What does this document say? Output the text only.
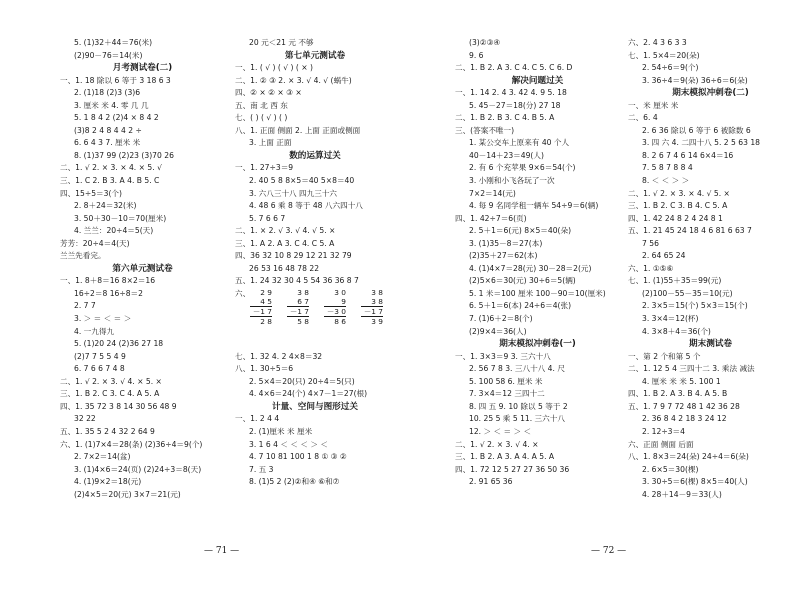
5. (1)32＋44＝76(米)
(2)90－76＝14(米)
月考测试卷(二)
一、1. 18 除以 6 等于 3 18 6 3
2. (1)18 (2)3 (3)6
3. 厘米 米 4. 零 几 几
5. 1 8 4 2 (2)4 × 8 4 2
(3)8 2 4 8 4 4 2 ÷
6. 6 4 3 7. 厘米 米
8. (1)37 99 (2)23 (3)70 26
二、1. √ 2. × 3. × 4. × 5. √
三、1. C 2. B 3. A 4. B 5. C
四、15÷5＝3(个)
2. 8＋24＝32(米)
3. 50＋30－10＝70(厘米)
4. 兰兰：20÷4＝5(天)
芳芳：20÷4＝4(天)
兰兰先看完。
第六单元测试卷
一、1. 8＋8＝16 8×2＝16
16÷2＝8 16÷8＝2
2. 7 7
3. ＞ ＝ ＜ ＝ ＞
4. 一九得九
5. (1)20 24 (2)36 27 18
(2)7 7 5 5 4 9
6. 7 6 6 7 4 8
二、1. √ 2. × 3. √ 4. × 5. ×
三、1. B 2. C 3. C 4. A 5. A
四、1. 35 72 3 8 14 30 56 48 9
32 22
五、1. 35 5 2 4 32 2 64 9
六、1. (1)7×4＝28(条) (2)36÷4＝9(个)
2. 7×2＝14(盆)
3. (1)4×6＝24(页) (2)24÷3＝8(天)
4. (1)9×2＝18(元)
(2)4×5＝20(元) 3×7＝21(元)
20 元＜21 元 不够
第七单元测试卷
一、1. ( √ ) ( √ ) ( × )
二、1. ② ③ 2. × 3. √ 4. √ (蜗牛)
四、② × ② × ③ ×
五、南 北 西 东
七、( ) ( √ ) ( )
八、1. 正面 侧面 2. 上面 正面或侧面
3. 上面 正面
数的运算过关
一、1. 27÷3＝9
2. 40 5 8 8×5＝40 5×8＝40
3. 六八三十八 四九三十六
4. 48 6 乘 8 等于 48 八六四十八
5. 7 6 6 7
二、1. × 2. √ 3. √ 4. √ 5. ×
三、1. A 2. A 3. C 4. C 5. A
四、36 32 10 8 29 12 21 32 79
26 53 16 48 78 22
五、1. 24 32 30 4 5 54 36 36 8 7
六、
七、1. 32 4. 2 4×8＝32
八、1. 30÷5＝6
2. 5×4＝20(只) 20÷4＝5(只)
4. 4×6＝24(个) 4×7－1＝27(根)
计量、空间与图形过关
一、1. 2 4 4
2. (1)厘米 米 厘米
3. 1 6 4 ＜ ＜ ＜ ＞ ＜
4. 7 10 81 100 1 8 ① ③ ②
7. 五 3
8. (1)5 2 (2)②和④ ⑥和⑦
(3)②③④
9. 6
二、1. B 2. A 3. C 4. C 5. C 6. D
解决问题过关
一、1. 14 2. 4 3. 42 4. 9 5. 18
5. 45－27＝18(分) 27 18
二、1. B 2. B 3. C 4. B 5. A
三、(答案不唯一)
1. 某公交车上原来有 40 个人
40－14＋23＝49(人)
2. 有 6 个充苹果 9×6＝54(个)
3. 小刚和小飞各玩了一次
7×2＝14(元)
4. 每 9 名同学租一辆车 54÷9＝6(辆)
四、1. 42÷7＝6(页)
2. 5＋1＝6(元) 8×5＝40(朵)
3. (1)35－8＝27(本)
(2)35＋27＝62(本)
4. (1)4×7＝28(元) 30－28＝2(元)
(2)5×6＝30(元) 30÷6＝5(辆)
5. 1 米＝100 厘米 100－90＝10(厘米)
6. 5＋1＝6(本) 24÷6＝4(张)
7. (1)6＋2＝8(个)
(2)9×4＝36(人)
期末模拟冲刺卷(一)
一、1. 3×3＝9 3. 三六十八
2. 56 7 8 3. 三八十八 4. 尺
5. 100 58 6. 厘米 米
7. 3×4＝12 三四十二
8. 四 五 9. 10 除以 5 等于 2
10. 25 5 乘 5 11. 三六十八
12. ＞ ＜ ＝ ＞ ＜
二、1. √ 2. × 3. √ 4. ×
三、1. B 2. A 3. A 4. A 5. A
四、1. 72 12 5 27 27 36 50 36
2. 91 65 36
六、2. 4 3 6 3 3
七、1. 5×4＝20(朵)
2. 54÷6＝9(个)
3. 36÷4＝9(朵) 36÷6＝6(朵)
期末模拟冲刺卷(二)
一、米 厘米 米
二、6. 4
2. 6 36 除以 6 等于 6 被除数 6
3. 四 六 4. 二四十八 5. 2 5 63 18
8. 2 6 7 4 6 14 6×4＝16
7. 5 8 7 8 8 4
8. ＜ ＜ ＞ ＞
二、1. √ 2. × 3. × 4. √ 5. ×
三、1. B 2. C 3. B 4. C 5. A
四、1. 42 24 8 2 4 24 8 1
五、1. 21 45 24 18 4 6 81 6 63 7
7 56
2. 64 65 24
六、1. ①⑤⑥
七、1. (1)55＋35＝99(元)
(2)100－55－35＝10(元)
2. 3×5＝15(个) 5×3＝15(个)
3. 3×4＝12(杯)
4. 3×8＋4＝36(个)
期末测试卷
一、第 2 个和第 5 个
二、1. 12 5 4 三四十二 3. 乘法 减法
4. 厘米 米 米 5. 100 1
四、1. B 2. A 3. B 4. A 5. B
五、1. 7 9 7 72 48 1 42 36 28
2. 36 8 4 2 18 3 24 12
2. 12÷3＝4
六、正面 侧面 后面
八、1. 8×3＝24(朵) 24÷4＝6(朵)
2. 6×5＝30(棵)
3. 30÷5＝6(棵) 8×5＝40(人)
4. 28＋14－9＝33(人)
2 9
4 5
－1 7
2 8
3 8
6 7
－1 7
5 8
3 0
9
－3 0
8 6
3 8
3 8
－1 7
3 9
— 71 —	— 72 —
